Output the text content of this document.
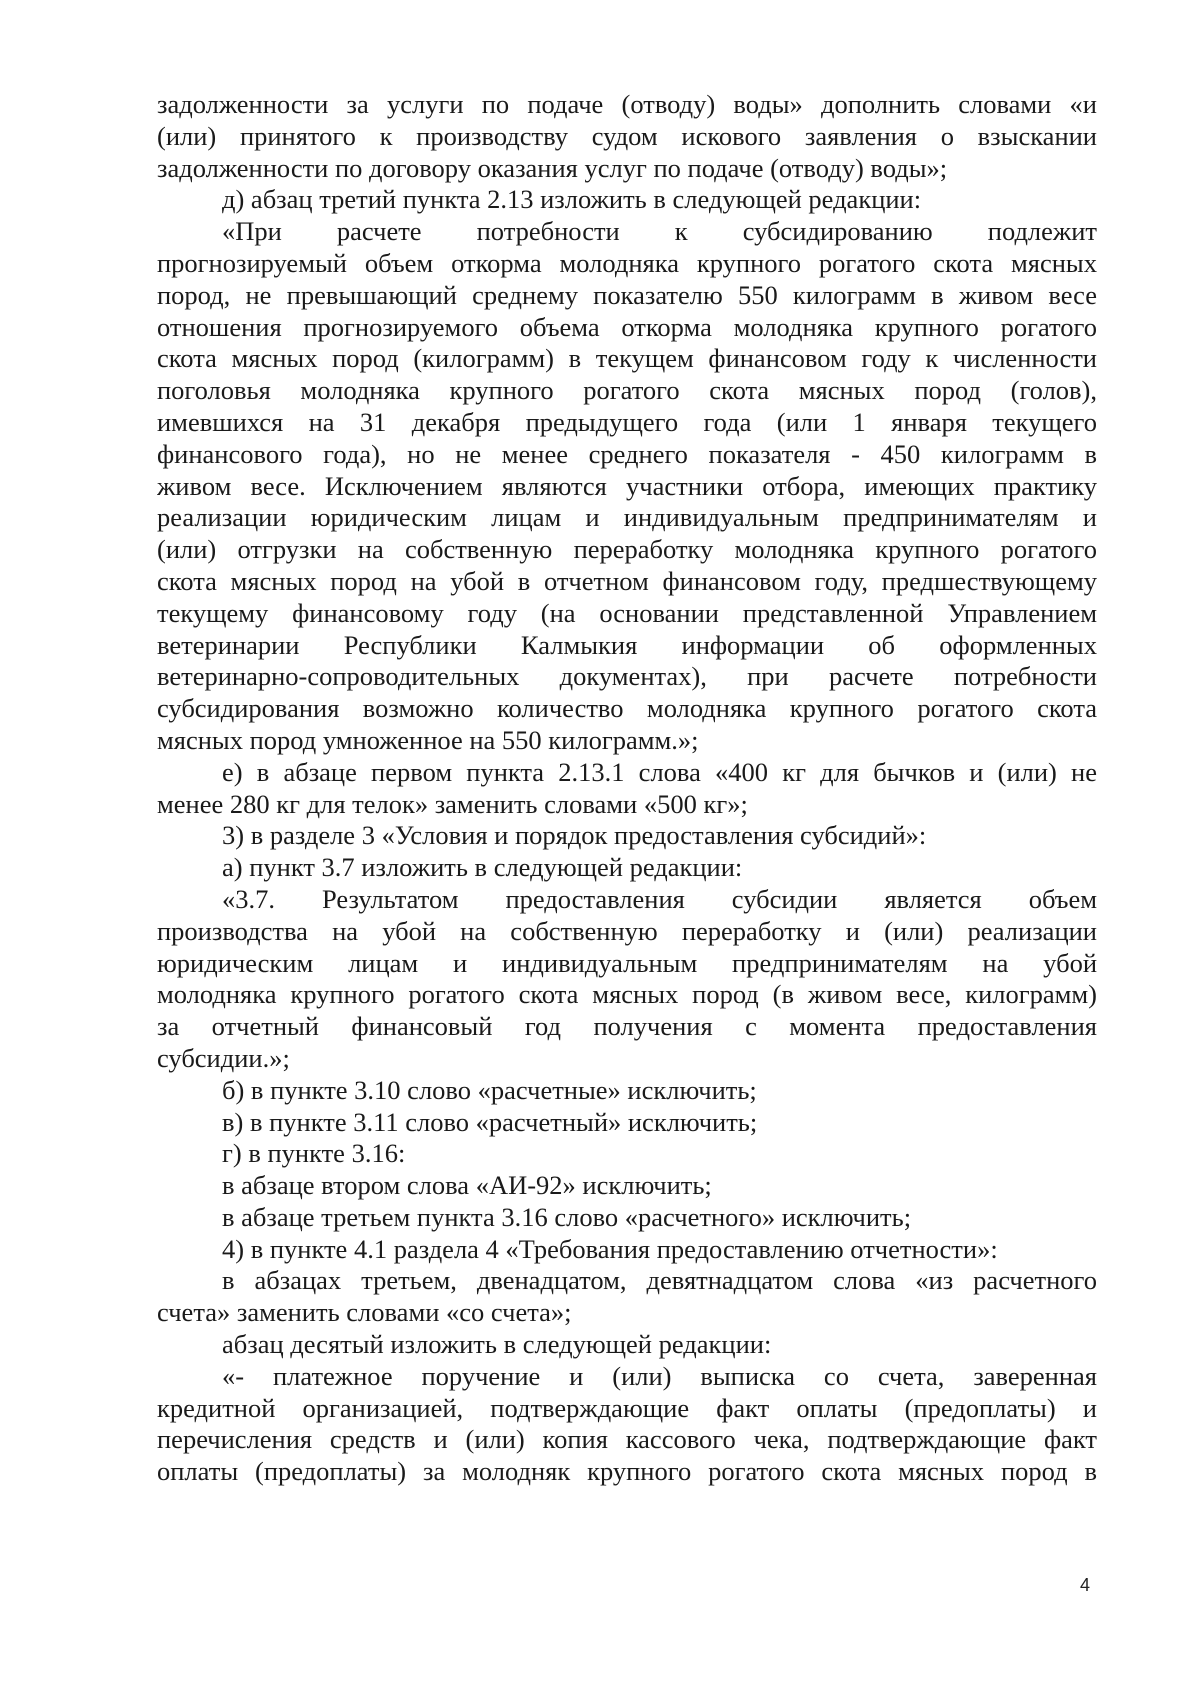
задолженности за услуги по подаче (отводу) воды» дополнить словами «и
(или) принятого к производству судом искового заявления о взыскании
задолженности по договору оказания услуг по подаче (отводу) воды»;
д) абзац третий пункта 2.13 изложить в следующей редакции:
«При расчете потребности к субсидированию подлежит
прогнозируемый объем откорма молодняка крупного рогатого скота мясных
пород, не превышающий среднему показателю 550 килограмм в живом весе
отношения прогнозируемого объема откорма молодняка крупного рогатого
скота мясных пород (килограмм) в текущем финансовом году к численности
поголовья молодняка крупного рогатого скота мясных пород (голов),
имевшихся на 31 декабря предыдущего года (или 1 января текущего
финансового года), но не менее среднего показателя - 450 килограмм в
живом весе. Исключением являются участники отбора, имеющих практику
реализации юридическим лицам и индивидуальным предпринимателям и
(или) отгрузки на собственную переработку молодняка крупного рогатого
скота мясных пород на убой в отчетном финансовом году, предшествующему
текущему финансовому году (на основании представленной Управлением
ветеринарии Республики Калмыкия информации об оформленных
ветеринарно-сопроводительных документах), при расчете потребности
субсидирования возможно количество молодняка крупного рогатого скота
мясных пород умноженное на 550 килограмм.»;
е) в абзаце первом пункта 2.13.1 слова «400 кг для бычков и (или) не
менее 280 кг для телок» заменить словами «500 кг»;
3) в разделе 3 «Условия и порядок предоставления субсидий»:
а) пункт 3.7 изложить в следующей редакции:
«3.7. Результатом предоставления субсидии является объем
производства на убой на собственную переработку и (или) реализации
юридическим лицам и индивидуальным предпринимателям на убой
молодняка крупного рогатого скота мясных пород (в живом весе, килограмм)
за отчетный финансовый год получения с момента предоставления
субсидии.»;
б) в пункте 3.10 слово «расчетные» исключить;
в) в пункте 3.11 слово «расчетный» исключить;
г) в пункте 3.16:
в абзаце втором слова «АИ-92» исключить;
в абзаце третьем пункта 3.16 слово «расчетного» исключить;
4) в пункте 4.1 раздела 4 «Требования предоставлению отчетности»:
в абзацах третьем, двенадцатом, девятнадцатом слова «из расчетного
счета» заменить словами «со счета»;
абзац десятый изложить в следующей редакции:
«- платежное поручение и (или) выписка со счета, заверенная
кредитной организацией, подтверждающие факт оплаты (предоплаты) и
перечисления средств и (или) копия кассового чека, подтверждающие факт
оплаты (предоплаты) за молодняк крупного рогатого скота мясных пород в
4
